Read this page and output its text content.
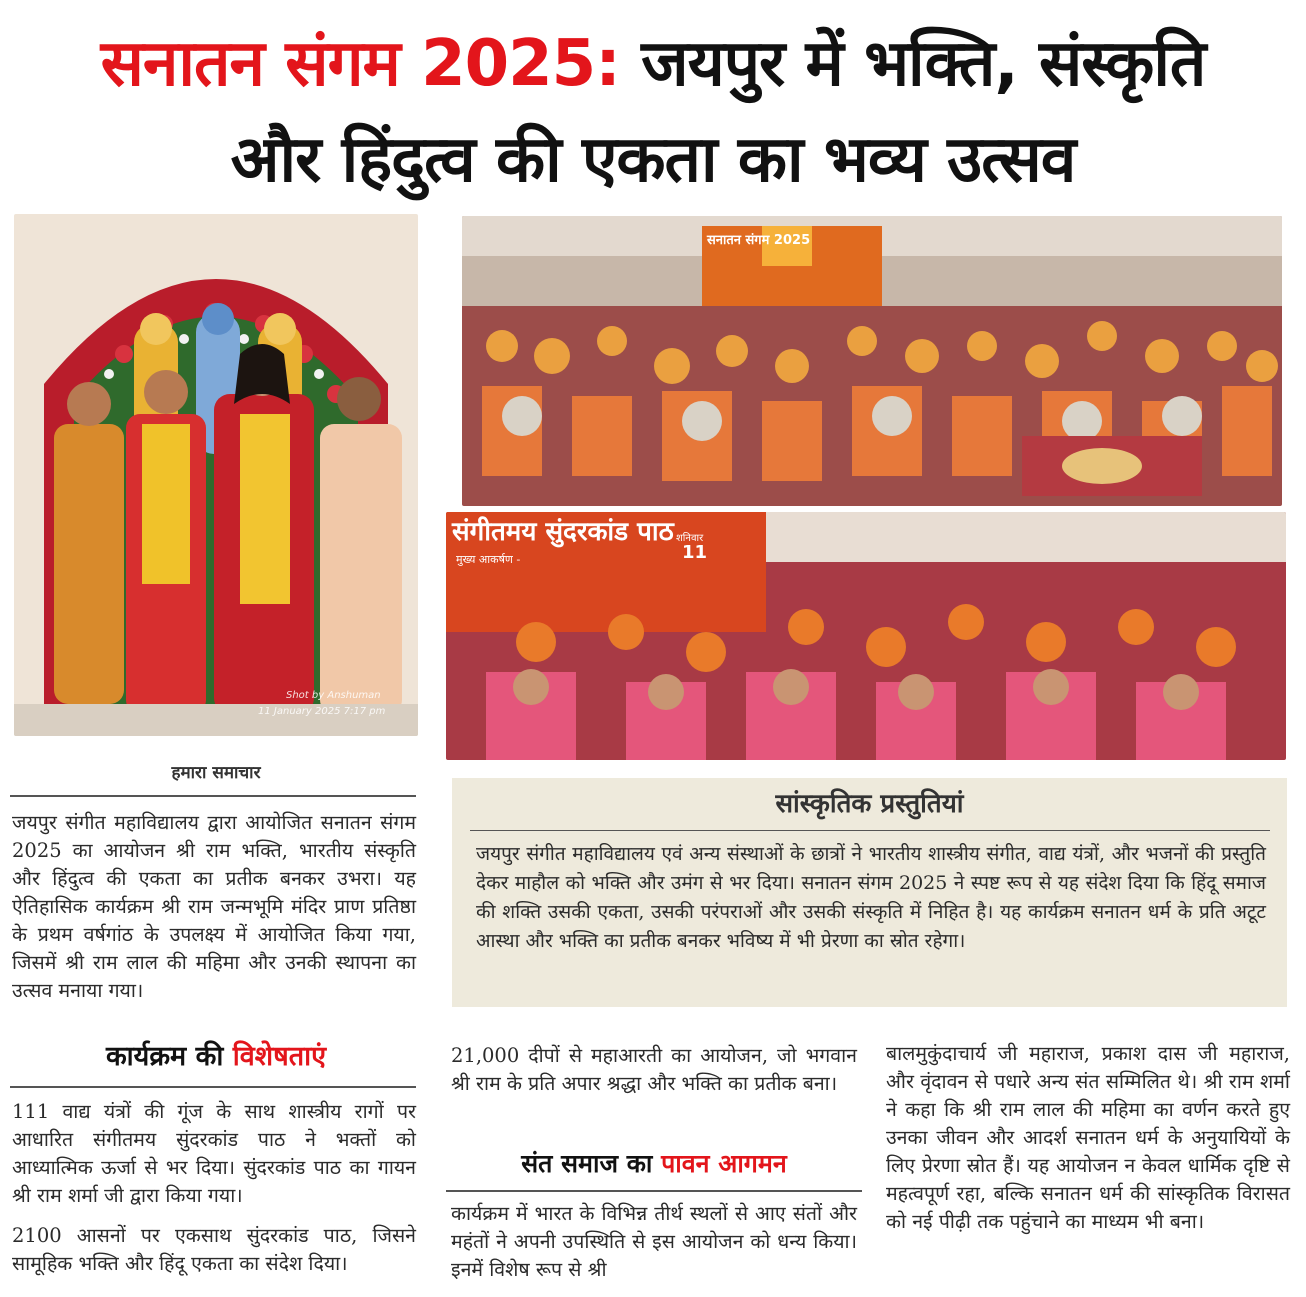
सनातन संगम 2025: जयपुर में भक्ति, संस्कृति
और हिंदुत्व की एकता का भव्य उत्सव
Shot by Anshuman
11 January 2025 7:17 pm
सनातन संगम 2025
संगीतमय सुंदरकांड पाठ
मुख्य आकर्षण -
शनिवार
11
हमारा समाचार
जयपुर संगीत महाविद्यालय द्वारा आयोजित सनातन संगम 2025 का आयोजन श्री राम भक्ति, भारतीय संस्कृति और हिंदुत्व की एकता का प्रतीक बनकर उभरा। यह ऐतिहासिक कार्यक्रम श्री राम जन्मभूमि मंदिर प्राण प्रतिष्ठा के प्रथम वर्षगांठ के उपलक्ष्य में आयोजित किया गया, जिसमें श्री राम लाल की महिमा और उनकी स्थापना का उत्सव मनाया गया।
कार्यक्रम की विशेषताएं
111 वाद्य यंत्रों की गूंज के साथ शास्त्रीय रागों पर आधारित संगीतमय सुंदरकांड पाठ ने भक्तों को आध्यात्मिक ऊर्जा से भर दिया। सुंदरकांड पाठ का गायन श्री राम शर्मा जी द्वारा किया गया।
2100 आसनों पर एकसाथ सुंदरकांड पाठ, जिसने सामूहिक भक्ति और हिंदू एकता का संदेश दिया।
सांस्कृतिक प्रस्तुतियां
जयपुर संगीत महाविद्यालय एवं अन्य संस्थाओं के छात्रों ने भारतीय शास्त्रीय संगीत, वाद्य यंत्रों, और भजनों की प्रस्तुति देकर माहौल को भक्ति और उमंग से भर दिया। सनातन संगम 2025 ने स्पष्ट रूप से यह संदेश दिया कि हिंदू समाज की शक्ति उसकी एकता, उसकी परंपराओं और उसकी संस्कृति में निहित है। यह कार्यक्रम सनातन धर्म के प्रति अटूट आस्था और भक्ति का प्रतीक बनकर भविष्य में भी प्रेरणा का स्रोत रहेगा।
21,000 दीपों से महाआरती का आयोजन, जो भगवान श्री राम के प्रति अपार श्रद्धा और भक्ति का प्रतीक बना।
संत समाज का पावन आगमन
कार्यक्रम में भारत के विभिन्न तीर्थ स्थलों से आए संतों और महंतों ने अपनी उपस्थिति से इस आयोजन को धन्य किया। इनमें विशेष रूप से श्री
बालमुकुंदाचार्य जी महाराज, प्रकाश दास जी महाराज, और वृंदावन से पधारे अन्य संत सम्मिलित थे। श्री राम शर्मा ने कहा कि श्री राम लाल की महिमा का वर्णन करते हुए उनका जीवन और आदर्श सनातन धर्म के अनुयायियों के लिए प्रेरणा स्रोत हैं। यह आयोजन न केवल धार्मिक दृष्टि से महत्वपूर्ण रहा, बल्कि सनातन धर्म की सांस्कृतिक विरासत को नई पीढ़ी तक पहुंचाने का माध्यम भी बना।
